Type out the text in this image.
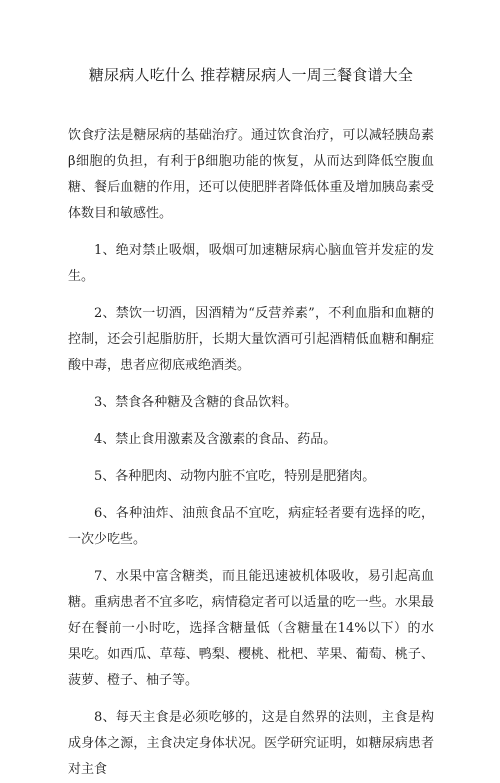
糖尿病人吃什么 推荐糖尿病人一周三餐食谱大全

饮食疗法是糖尿病的基础治疗。通过饮食治疗，可以减轻胰岛素β细胞的负担，有利于β细胞功能的恢复，从而达到降低空腹血糖、餐后血糖的作用，还可以使肥胖者降低体重及增加胰岛素受体数目和敏感性。

1、绝对禁止吸烟，吸烟可加速糖尿病心脑血管并发症的发生。

2、禁饮一切酒，因酒精为“反营养素”，不利血脂和血糖的控制，还会引起脂肪肝，长期大量饮酒可引起酒精低血糖和酮症酸中毒，患者应彻底戒绝酒类。

3、禁食各种糖及含糖的食品饮料。

4、禁止食用激素及含激素的食品、药品。

5、各种肥肉、动物内脏不宜吃，特别是肥猪肉。

6、各种油炸、油煎食品不宜吃，病症轻者要有选择的吃，一次少吃些。

7、水果中富含糖类，而且能迅速被机体吸收，易引起高血糖。重病患者不宜多吃，病情稳定者可以适量的吃一些。水果最好在餐前一小时吃，选择含糖量低（含糖量在14%以下）的水果吃。如西瓜、草莓、鸭梨、樱桃、枇杷、苹果、葡萄、桃子、菠萝、橙子、柚子等。

8、每天主食是必须吃够的，这是自然界的法则，主食是构成身体之源，主食决定身体状况。医学研究证明，如糖尿病患者对主食
